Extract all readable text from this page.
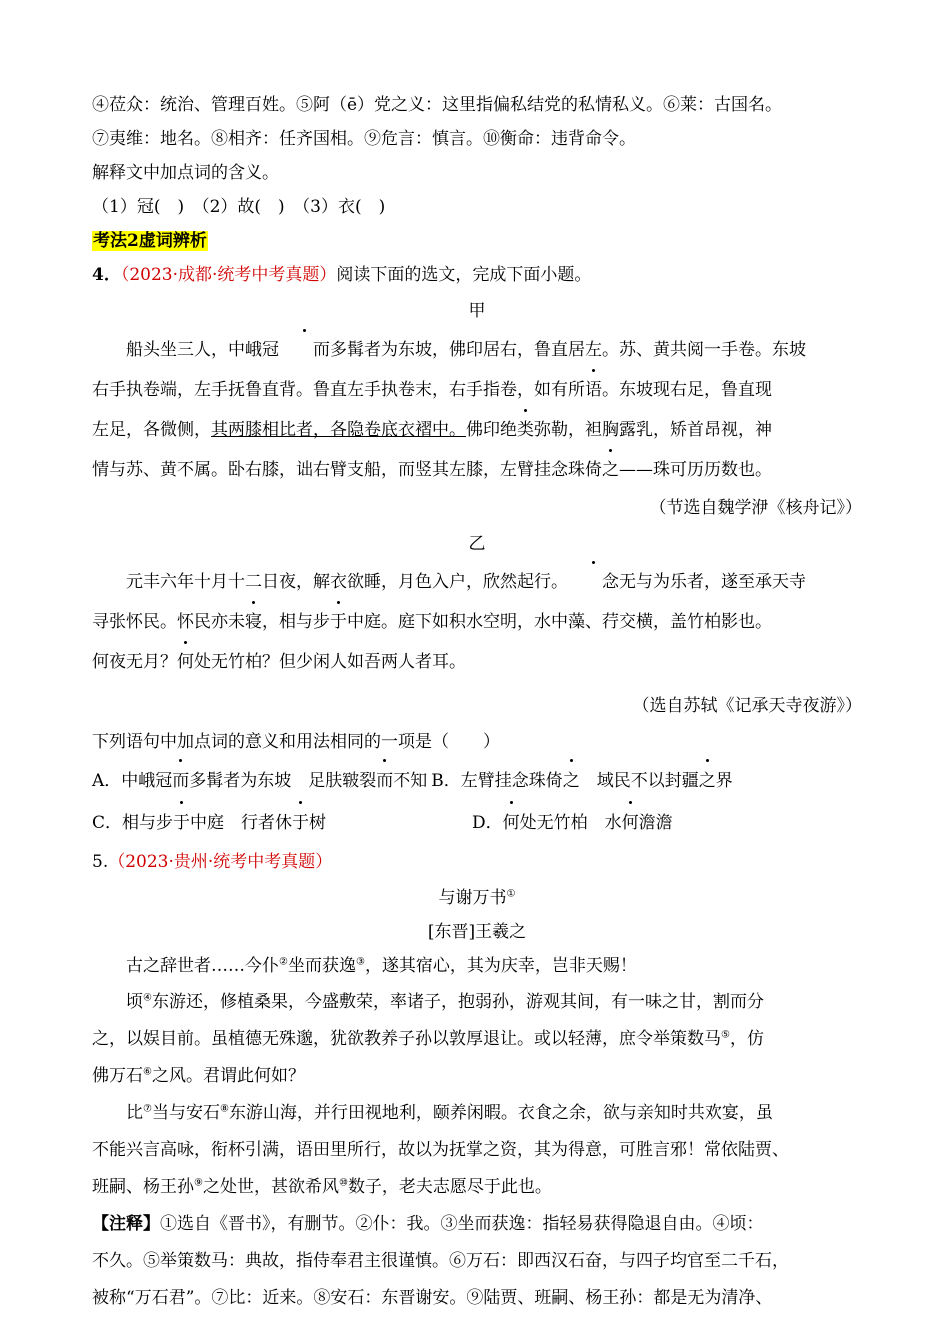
④莅众：统治、管理百姓。⑤阿（ē）党之义：这里指偏私结党的私情私义。⑥莱：古国名。
⑦夷维：地名。⑧相齐：任齐国相。⑨危言：慎言。⑩衡命：违背命令。
解释文中加点词的含义。
（1）冠(　)　（2）故(　)　（3）衣(　)
考法2虚词辨析
4．（2023·成都·统考中考真题）阅读下面的选文，完成下面小题。
甲
船头坐三人，中峨冠 而多髯者为东坡，佛印居右，鲁直居左。苏、黄共阅一手卷。东坡
右手执卷端，左手抚鲁直背。鲁直左手执卷末，右手指卷，如有所语。东坡现右足，鲁直现
左足，各微侧，其两膝相比者，各隐卷底衣褶中。佛印绝类弥勒，袒胸露乳，矫首昂视，神
情与苏、黄不属。卧右膝，诎右臂支船，而竖其左膝，左臂挂念珠倚之——珠可历历数也。
（节选自魏学洢《核舟记》）
乙
元丰六年十月十二日夜，解衣欲睡，月色入户，欣然起行。 念无与为乐者，遂至承天寺
寻张怀民。怀民亦未寝，相与步于中庭。庭下如积水空明，水中藻、荇交横，盖竹柏影也。
何夜无月？何处无竹柏？但少闲人如吾两人者耳。
（选自苏轼《记承天寺夜游》）
下列语句中加点词的意义和用法相同的一项是（　　）
A．中峨冠而多髯者为东坡　足肤皲裂而不知 B．左臂挂念珠倚之　域民不以封疆之界
C．相与步于中庭　行者休于树	D．何处无竹柏　水何澹澹
5.（2023·贵州·统考中考真题）
与谢万书①
[东晋]王羲之
古之辞世者……今仆②坐而获逸③，遂其宿心，其为庆幸，岂非天赐！
顷④东游还，修植桑果，今盛敷荣，率诸子，抱弱孙，游观其间，有一味之甘，割而分
之，以娱目前。虽植德无殊邈，犹欲教养子孙以敦厚退让。或以轻薄，庶令举策数马⑤，仿
佛万石⑥之风。君谓此何如？
比⑦当与安石⑧东游山海，并行田视地利，颐养闲暇。衣食之余，欲与亲知时共欢宴，虽
不能兴言高咏，衔杯引满，语田里所行，故以为抚掌之资，其为得意，可胜言邪！常依陆贾、
班嗣、杨王孙⑨之处世，甚欲希风⑩数子，老夫志愿尽于此也。
【注释】①选自《晋书》，有删节。②仆：我。③坐而获逸：指轻易获得隐退自由。④顷：
不久。⑤举策数马：典故，指侍奉君主很谨慎。⑥万石：即西汉石奋，与四子均官至二千石，
被称“万石君”。⑦比：近来。⑧安石：东晋谢安。⑨陆贾、班嗣、杨王孙：都是无为清净、
